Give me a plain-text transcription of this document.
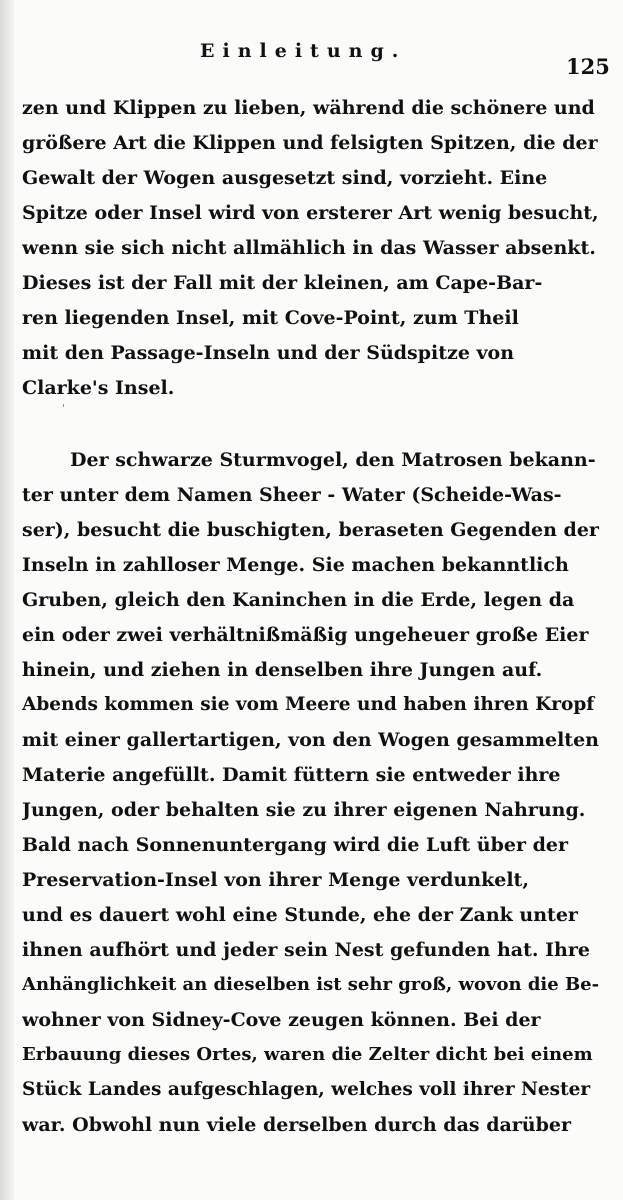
Einleitung.
125
zen und Klippen zu lieben, während die schönere und
größere Art die Klippen und felsigten Spitzen, die der
Gewalt der Wogen ausgesetzt sind, vorzieht. Eine
Spitze oder Insel wird von ersterer Art wenig besucht,
wenn sie sich nicht allmählich in das Wasser absenkt.
Dieses ist der Fall mit der kleinen, am Cape-Bar-
ren liegenden Insel, mit Cove-Point, zum Theil
mit den Passage-Inseln und der Südspitze von
Clarke's Insel.
'
Der schwarze Sturmvogel, den Matrosen bekann-
ter unter dem Namen Sheer - Water (Scheide-Was-
ser), besucht die buschigten, beraseten Gegenden der
Inseln in zahlloser Menge. Sie machen bekanntlich
Gruben, gleich den Kaninchen in die Erde, legen da
ein oder zwei verhältnißmäßig ungeheuer große Eier
hinein, und ziehen in denselben ihre Jungen auf.
Abends kommen sie vom Meere und haben ihren Kropf
mit einer gallertartigen, von den Wogen gesammelten
Materie angefüllt. Damit füttern sie entweder ihre
Jungen, oder behalten sie zu ihrer eigenen Nahrung.
Bald nach Sonnenuntergang wird die Luft über der
Preservation-Insel von ihrer Menge verdunkelt,
und es dauert wohl eine Stunde, ehe der Zank unter
ihnen aufhört und jeder sein Nest gefunden hat. Ihre
Anhänglichkeit an dieselben ist sehr groß, wovon die Be-
wohner von Sidney-Cove zeugen können. Bei der
Erbauung dieses Ortes, waren die Zelter dicht bei einem
Stück Landes aufgeschlagen, welches voll ihrer Nester
war. Obwohl nun viele derselben durch das darüber
